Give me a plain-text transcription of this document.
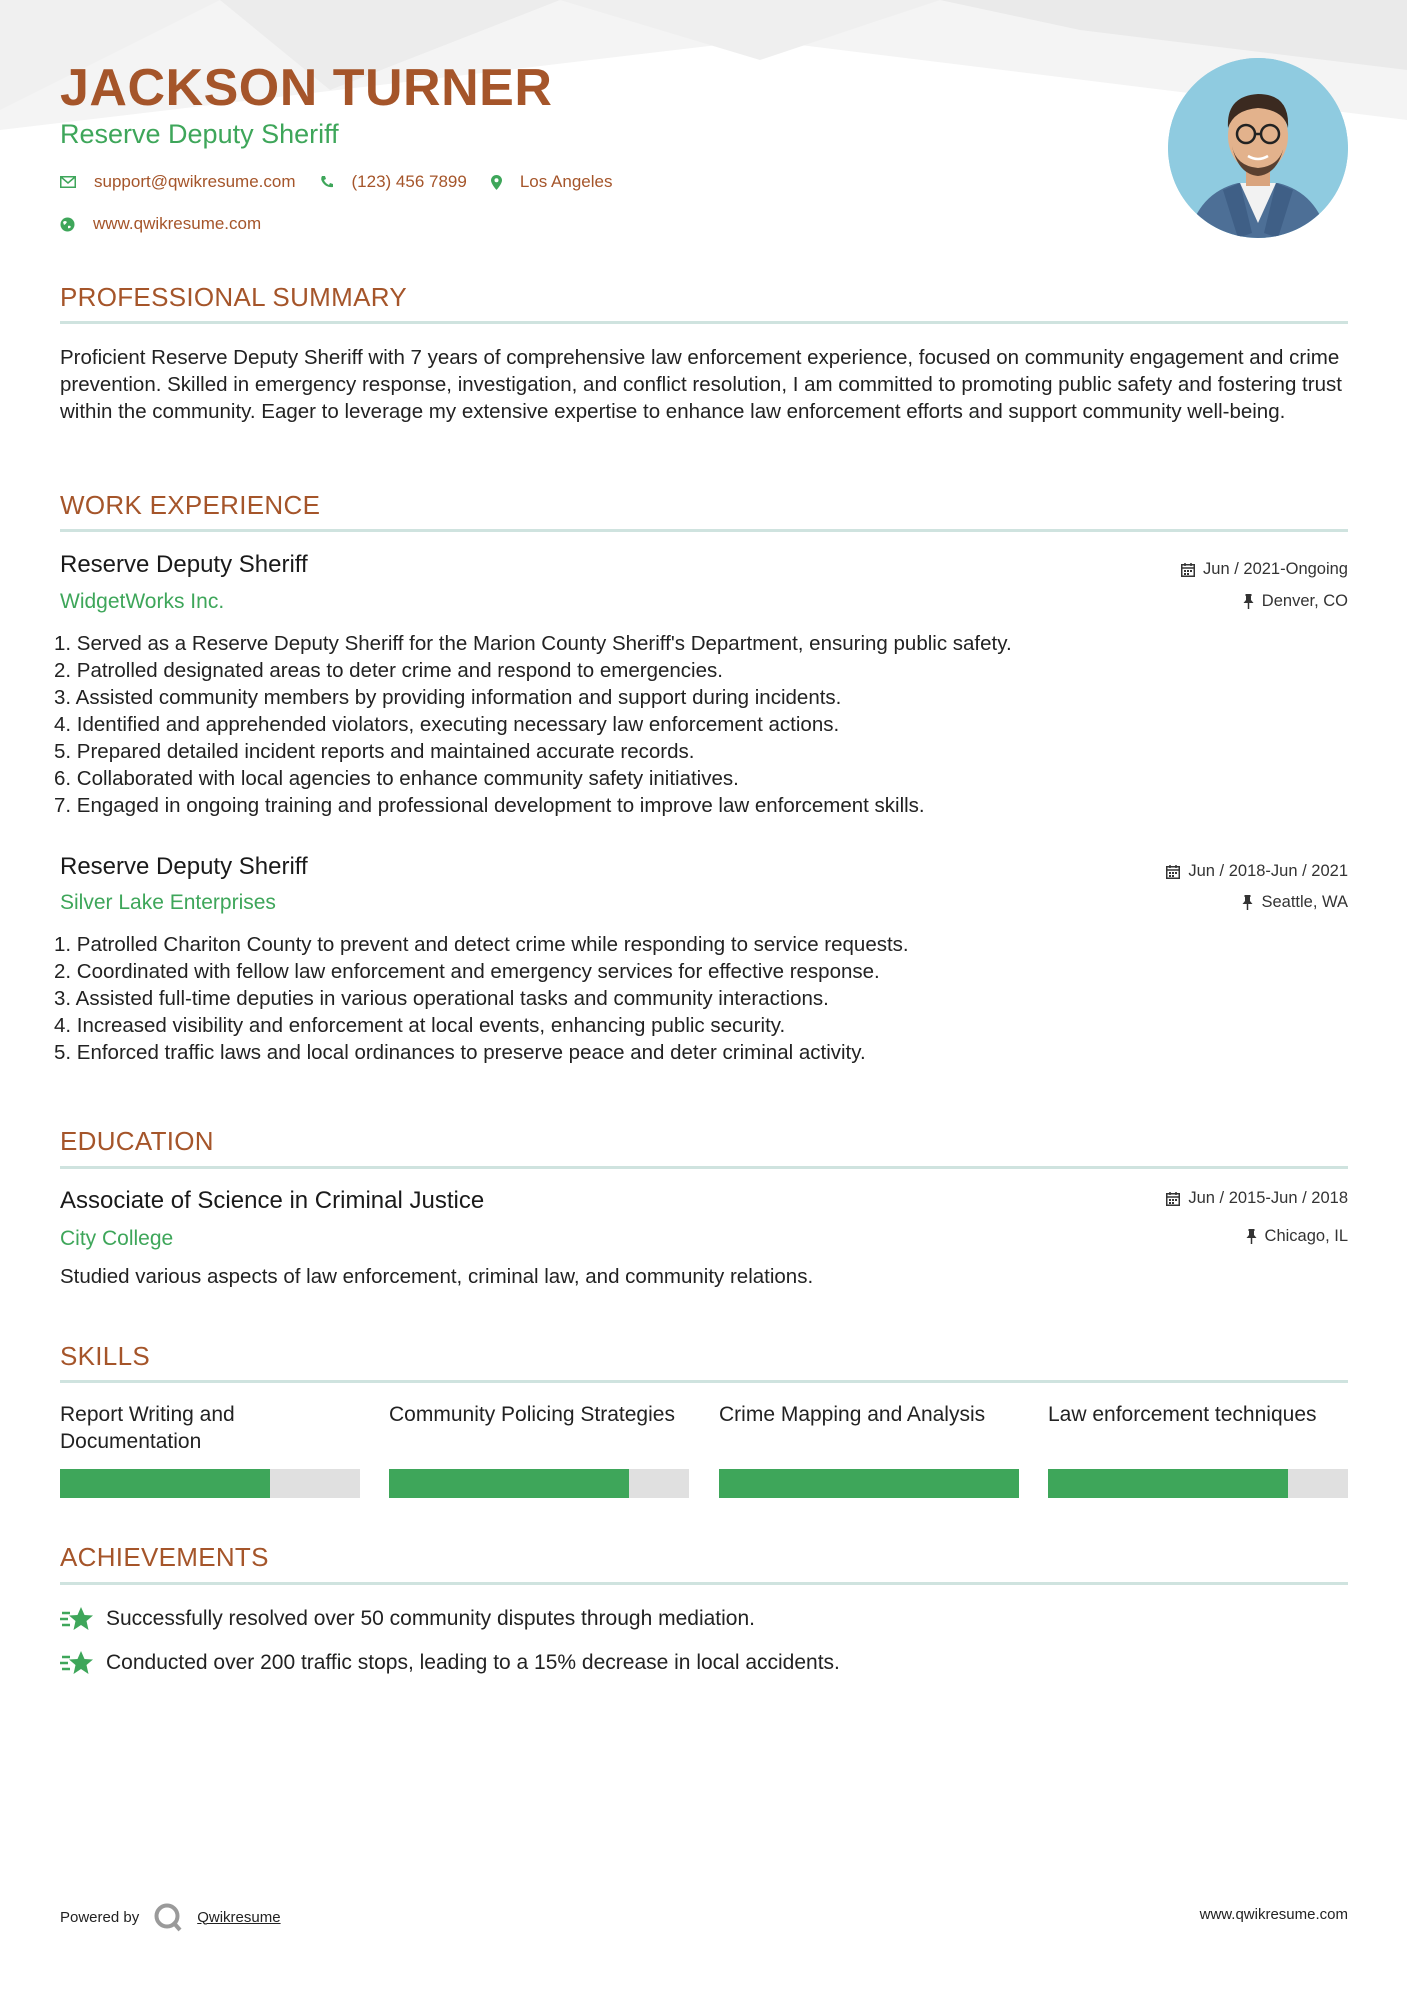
JACKSON TURNER
Reserve Deputy Sheriff
support@qwikresume.com	(123) 456 7899	Los Angeles
www.qwikresume.com
PROFESSIONAL SUMMARY
Proficient Reserve Deputy Sheriff with 7 years of comprehensive law enforcement experience, focused on community engagement and crime prevention. Skilled in emergency response, investigation, and conflict resolution, I am committed to promoting public safety and fostering trust within the community. Eager to leverage my extensive expertise to enhance law enforcement efforts and support community well-being.
WORK EXPERIENCE
Reserve Deputy Sheriff
WidgetWorks Inc.
Jun / 2021-Ongoing
Denver, CO
1. Served as a Reserve Deputy Sheriff for the Marion County Sheriff's Department, ensuring public safety.
2. Patrolled designated areas to deter crime and respond to emergencies.
3. Assisted community members by providing information and support during incidents.
4. Identified and apprehended violators, executing necessary law enforcement actions.
5. Prepared detailed incident reports and maintained accurate records.
6. Collaborated with local agencies to enhance community safety initiatives.
7. Engaged in ongoing training and professional development to improve law enforcement skills.
Reserve Deputy Sheriff
Silver Lake Enterprises
Jun / 2018-Jun / 2021
Seattle, WA
1. Patrolled Chariton County to prevent and detect crime while responding to service requests.
2. Coordinated with fellow law enforcement and emergency services for effective response.
3. Assisted full-time deputies in various operational tasks and community interactions.
4. Increased visibility and enforcement at local events, enhancing public security.
5. Enforced traffic laws and local ordinances to preserve peace and deter criminal activity.
EDUCATION
Associate of Science in Criminal Justice
City College
Jun / 2015-Jun / 2018
Chicago, IL
Studied various aspects of law enforcement, criminal law, and community relations.
SKILLS
Report Writing and Documentation
Community Policing Strategies	Crime Mapping and Analysis	Law enforcement techniques
ACHIEVEMENTS
Successfully resolved over 50 community disputes through mediation.
Conducted over 200 traffic stops, leading to a 15% decrease in local accidents.
Powered by	Qwikresume	www.qwikresume.com
